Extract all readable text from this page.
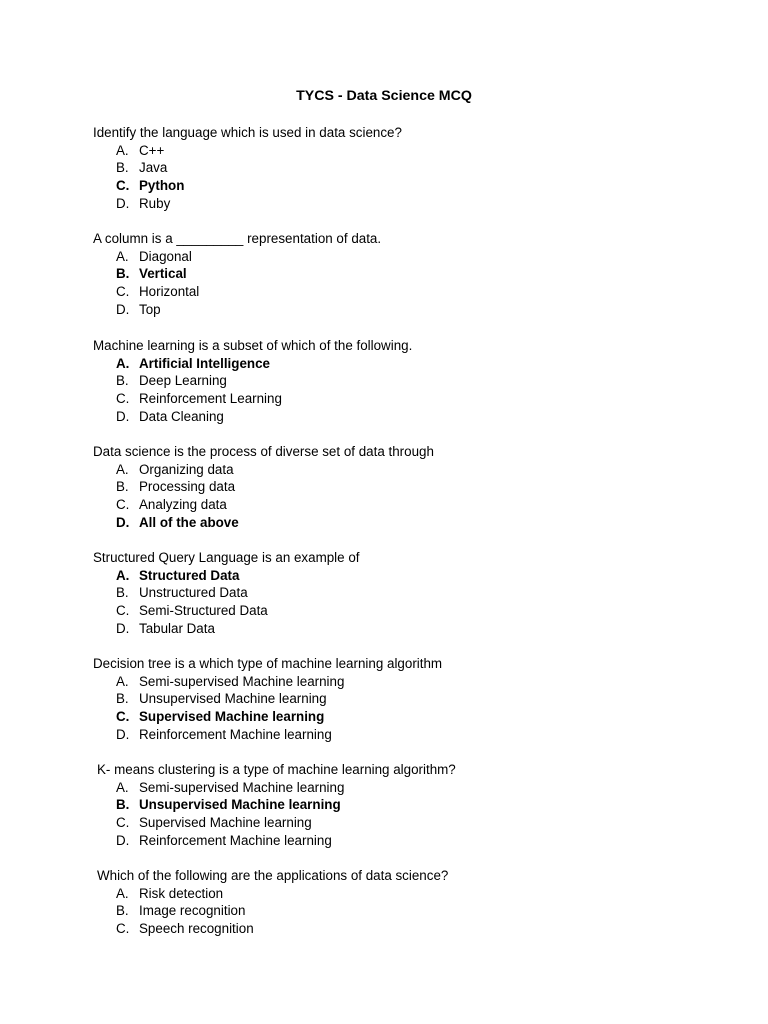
TYCS - Data Science MCQ
Identify the language which is used in data science?
A. C++
B. Java
C. Python
D. Ruby
A column is a _________ representation of data.
A. Diagonal
B. Vertical
C. Horizontal
D. Top
Machine learning is a subset of which of the following.
A. Artificial Intelligence
B. Deep Learning
C. Reinforcement Learning
D. Data Cleaning
Data science is the process of diverse set of data through
A. Organizing data
B. Processing data
C. Analyzing data
D. All of the above
Structured Query Language is an example of
A. Structured Data
B. Unstructured Data
C. Semi-Structured Data
D. Tabular Data
Decision tree is a which type of machine learning algorithm
A. Semi-supervised Machine learning
B. Unsupervised Machine learning
C. Supervised Machine learning
D. Reinforcement Machine learning
K- means clustering is a type of machine learning algorithm?
A. Semi-supervised Machine learning
B. Unsupervised Machine learning
C. Supervised Machine learning
D. Reinforcement Machine learning
Which of the following are the applications of data science?
A. Risk detection
B. Image recognition
C. Speech recognition
